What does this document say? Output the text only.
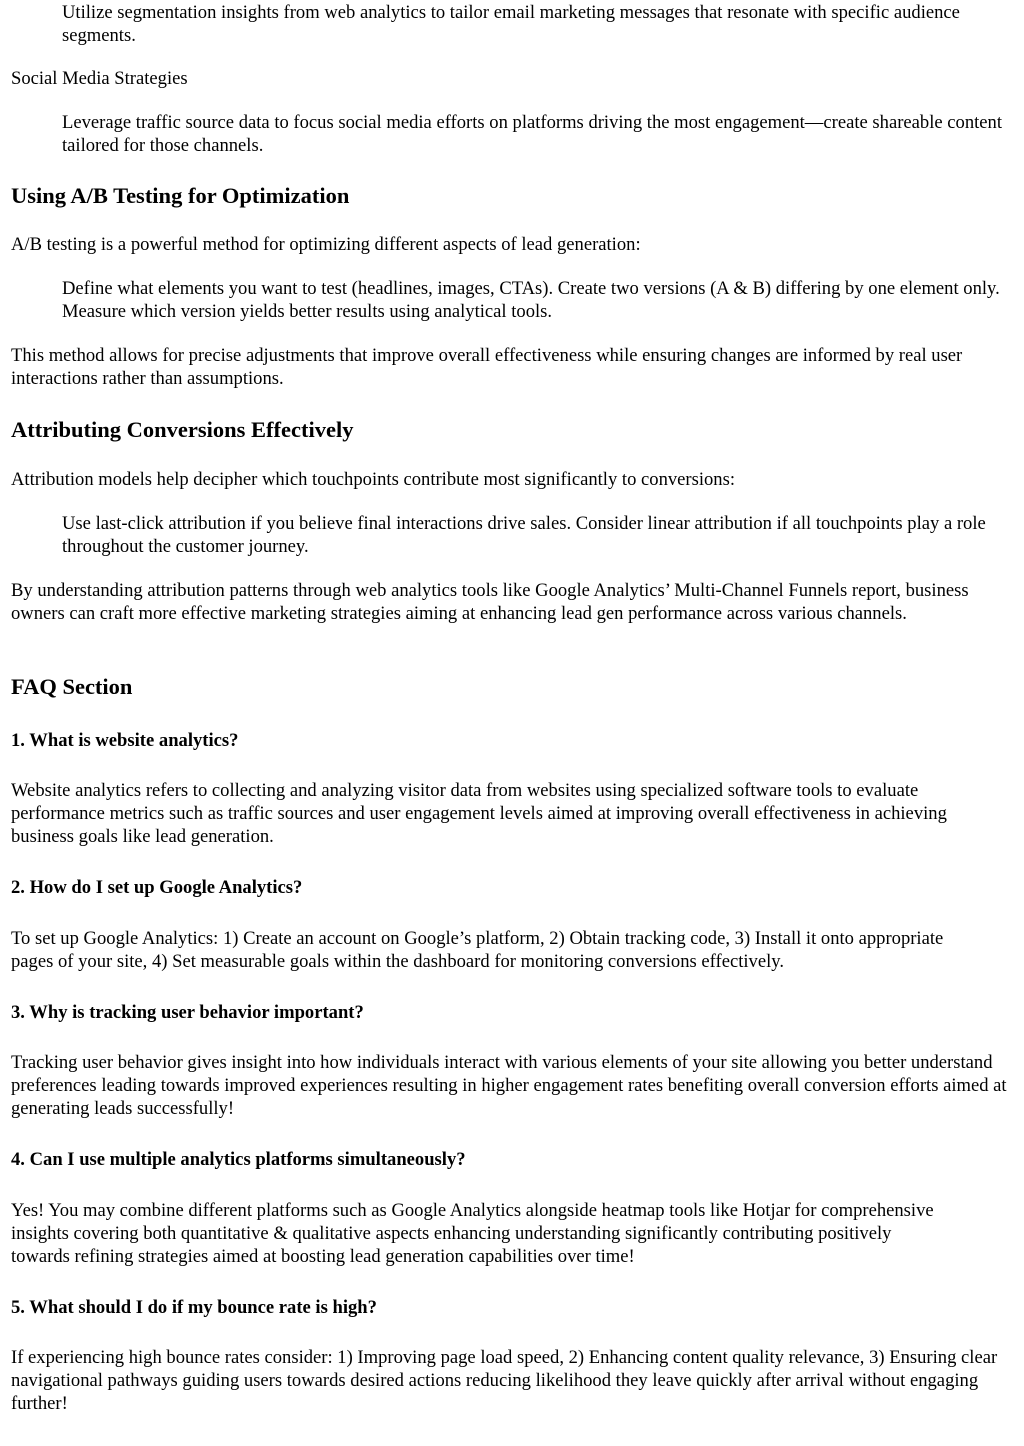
Utilize segmentation insights from web analytics to tailor email marketing messages that resonate with specific audience segments.

Social Media Strategies

Leverage traffic source data to focus social media efforts on platforms driving the most engagement—create shareable content tailored for those channels.

Using A/B Testing for Optimization

A/B testing is a powerful method for optimizing different aspects of lead generation:

Define what elements you want to test (headlines, images, CTAs). Create two versions (A & B) differing by one element only. Measure which version yields better results using analytical tools.

This method allows for precise adjustments that improve overall effectiveness while ensuring changes are informed by real user interactions rather than assumptions.

Attributing Conversions Effectively

Attribution models help decipher which touchpoints contribute most significantly to conversions:

Use last-click attribution if you believe final interactions drive sales. Consider linear attribution if all touchpoints play a role throughout the customer journey.

By understanding attribution patterns through web analytics tools like Google Analytics’ Multi-Channel Funnels report, business owners can craft more effective marketing strategies aiming at enhancing lead gen performance across various channels.

FAQ Section
1. What is website analytics?

Website analytics refers to collecting and analyzing visitor data from websites using specialized software tools to evaluate performance metrics such as traffic sources and user engagement levels aimed at improving overall effectiveness in achieving business goals like lead generation.

2. How do I set up Google Analytics?

To set up Google Analytics: 1) Create an account on Google’s platform, 2) Obtain tracking code, 3) Install it onto appropriate pages of your site, 4) Set measurable goals within the dashboard for monitoring conversions effectively.

3. Why is tracking user behavior important?

Tracking user behavior gives insight into how individuals interact with various elements of your site allowing you better understand preferences leading towards improved experiences resulting in higher engagement rates benefiting overall conversion efforts aimed at generating leads successfully!

4. Can I use multiple analytics platforms simultaneously?

Yes! You may combine different platforms such as Google Analytics alongside heatmap tools like Hotjar for comprehensive insights covering both quantitative & qualitative aspects enhancing understanding significantly contributing positively towards refining strategies aimed at boosting lead generation capabilities over time!

5. What should I do if my bounce rate is high?

If experiencing high bounce rates consider: 1) Improving page load speed, 2) Enhancing content quality relevance, 3) Ensuring clear navigational pathways guiding users towards desired actions reducing likelihood they leave quickly after arrival without engaging further!
